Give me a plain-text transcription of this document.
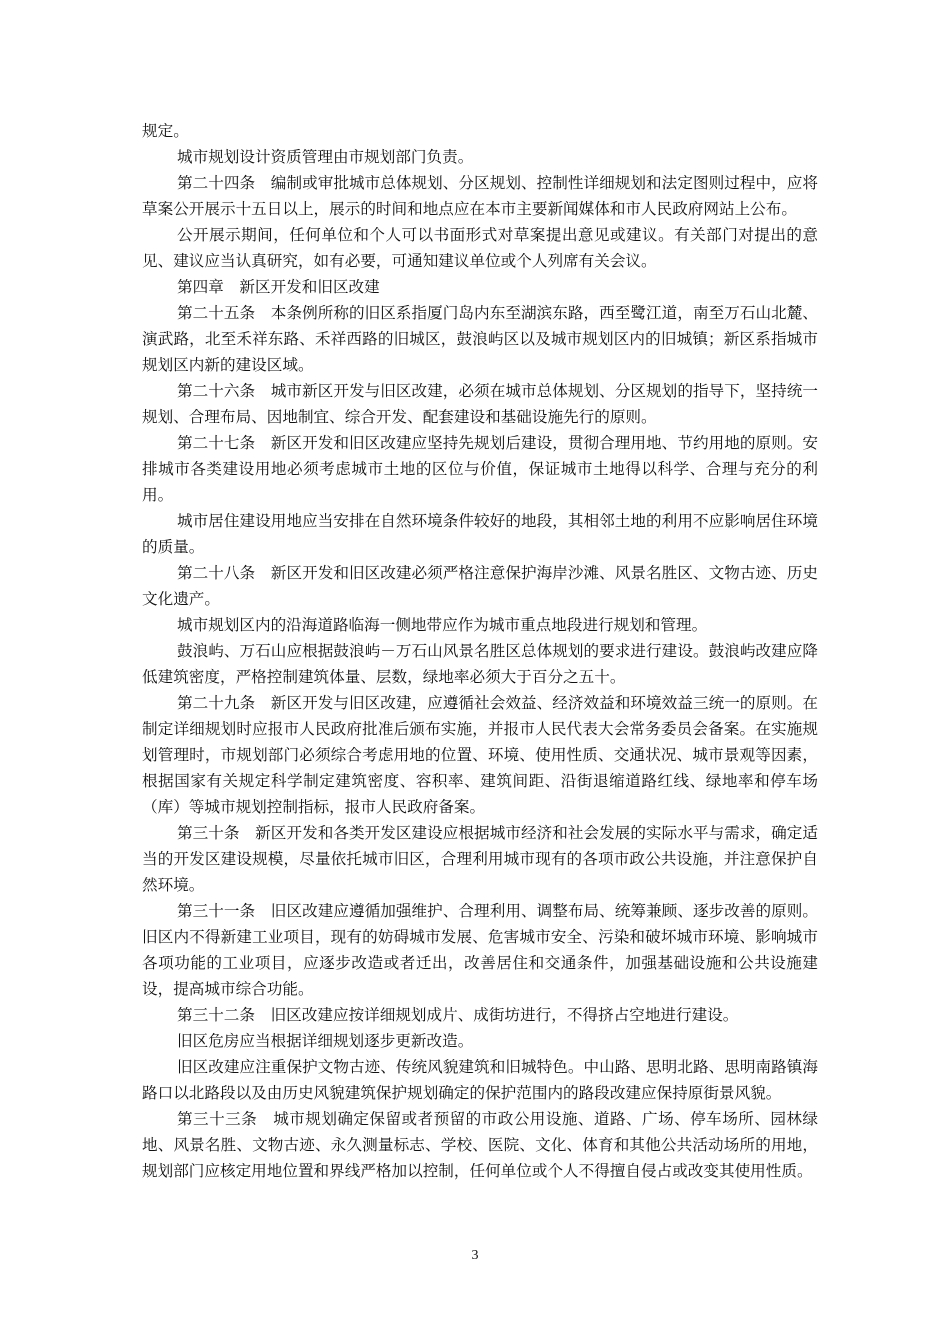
规定。

城市规划设计资质管理由市规划部门负责。

第二十四条　编制或审批城市总体规划、分区规划、控制性详细规划和法定图则过程中，应将草案公开展示十五日以上，展示的时间和地点应在本市主要新闻媒体和市人民政府网站上公布。

公开展示期间，任何单位和个人可以书面形式对草案提出意见或建议。有关部门对提出的意见、建议应当认真研究，如有必要，可通知建议单位或个人列席有关会议。

第四章　新区开发和旧区改建

第二十五条　本条例所称的旧区系指厦门岛内东至湖滨东路，西至鹭江道，南至万石山北麓、演武路，北至禾祥东路、禾祥西路的旧城区，鼓浪屿区以及城市规划区内的旧城镇；新区系指城市规划区内新的建设区域。

第二十六条　城市新区开发与旧区改建，必须在城市总体规划、分区规划的指导下，坚持统一规划、合理布局、因地制宜、综合开发、配套建设和基础设施先行的原则。

第二十七条　新区开发和旧区改建应坚持先规划后建设，贯彻合理用地、节约用地的原则。安排城市各类建设用地必须考虑城市土地的区位与价值，保证城市土地得以科学、合理与充分的利用。

城市居住建设用地应当安排在自然环境条件较好的地段，其相邻土地的利用不应影响居住环境的质量。

第二十八条　新区开发和旧区改建必须严格注意保护海岸沙滩、风景名胜区、文物古迹、历史文化遗产。

城市规划区内的沿海道路临海一侧地带应作为城市重点地段进行规划和管理。

鼓浪屿、万石山应根据鼓浪屿－万石山风景名胜区总体规划的要求进行建设。鼓浪屿改建应降低建筑密度，严格控制建筑体量、层数，绿地率必须大于百分之五十。

第二十九条　新区开发与旧区改建，应遵循社会效益、经济效益和环境效益三统一的原则。在制定详细规划时应报市人民政府批准后颁布实施，并报市人民代表大会常务委员会备案。在实施规划管理时，市规划部门必须综合考虑用地的位置、环境、使用性质、交通状况、城市景观等因素，根据国家有关规定科学制定建筑密度、容积率、建筑间距、沿街退缩道路红线、绿地率和停车场（库）等城市规划控制指标，报市人民政府备案。

第三十条　新区开发和各类开发区建设应根据城市经济和社会发展的实际水平与需求，确定适当的开发区建设规模，尽量依托城市旧区，合理利用城市现有的各项市政公共设施，并注意保护自然环境。

第三十一条　旧区改建应遵循加强维护、合理利用、调整布局、统筹兼顾、逐步改善的原则。旧区内不得新建工业项目，现有的妨碍城市发展、危害城市安全、污染和破坏城市环境、影响城市各项功能的工业项目，应逐步改造或者迁出，改善居住和交通条件，加强基础设施和公共设施建设，提高城市综合功能。

第三十二条　旧区改建应按详细规划成片、成街坊进行，不得挤占空地进行建设。

旧区危房应当根据详细规划逐步更新改造。

旧区改建应注重保护文物古迹、传统风貌建筑和旧城特色。中山路、思明北路、思明南路镇海路口以北路段以及由历史风貌建筑保护规划确定的保护范围内的路段改建应保持原街景风貌。

第三十三条　城市规划确定保留或者预留的市政公用设施、道路、广场、停车场所、园林绿地、风景名胜、文物古迹、永久测量标志、学校、医院、文化、体育和其他公共活动场所的用地，规划部门应核定用地位置和界线严格加以控制，任何单位或个人不得擅自侵占或改变其使用性质。

3
